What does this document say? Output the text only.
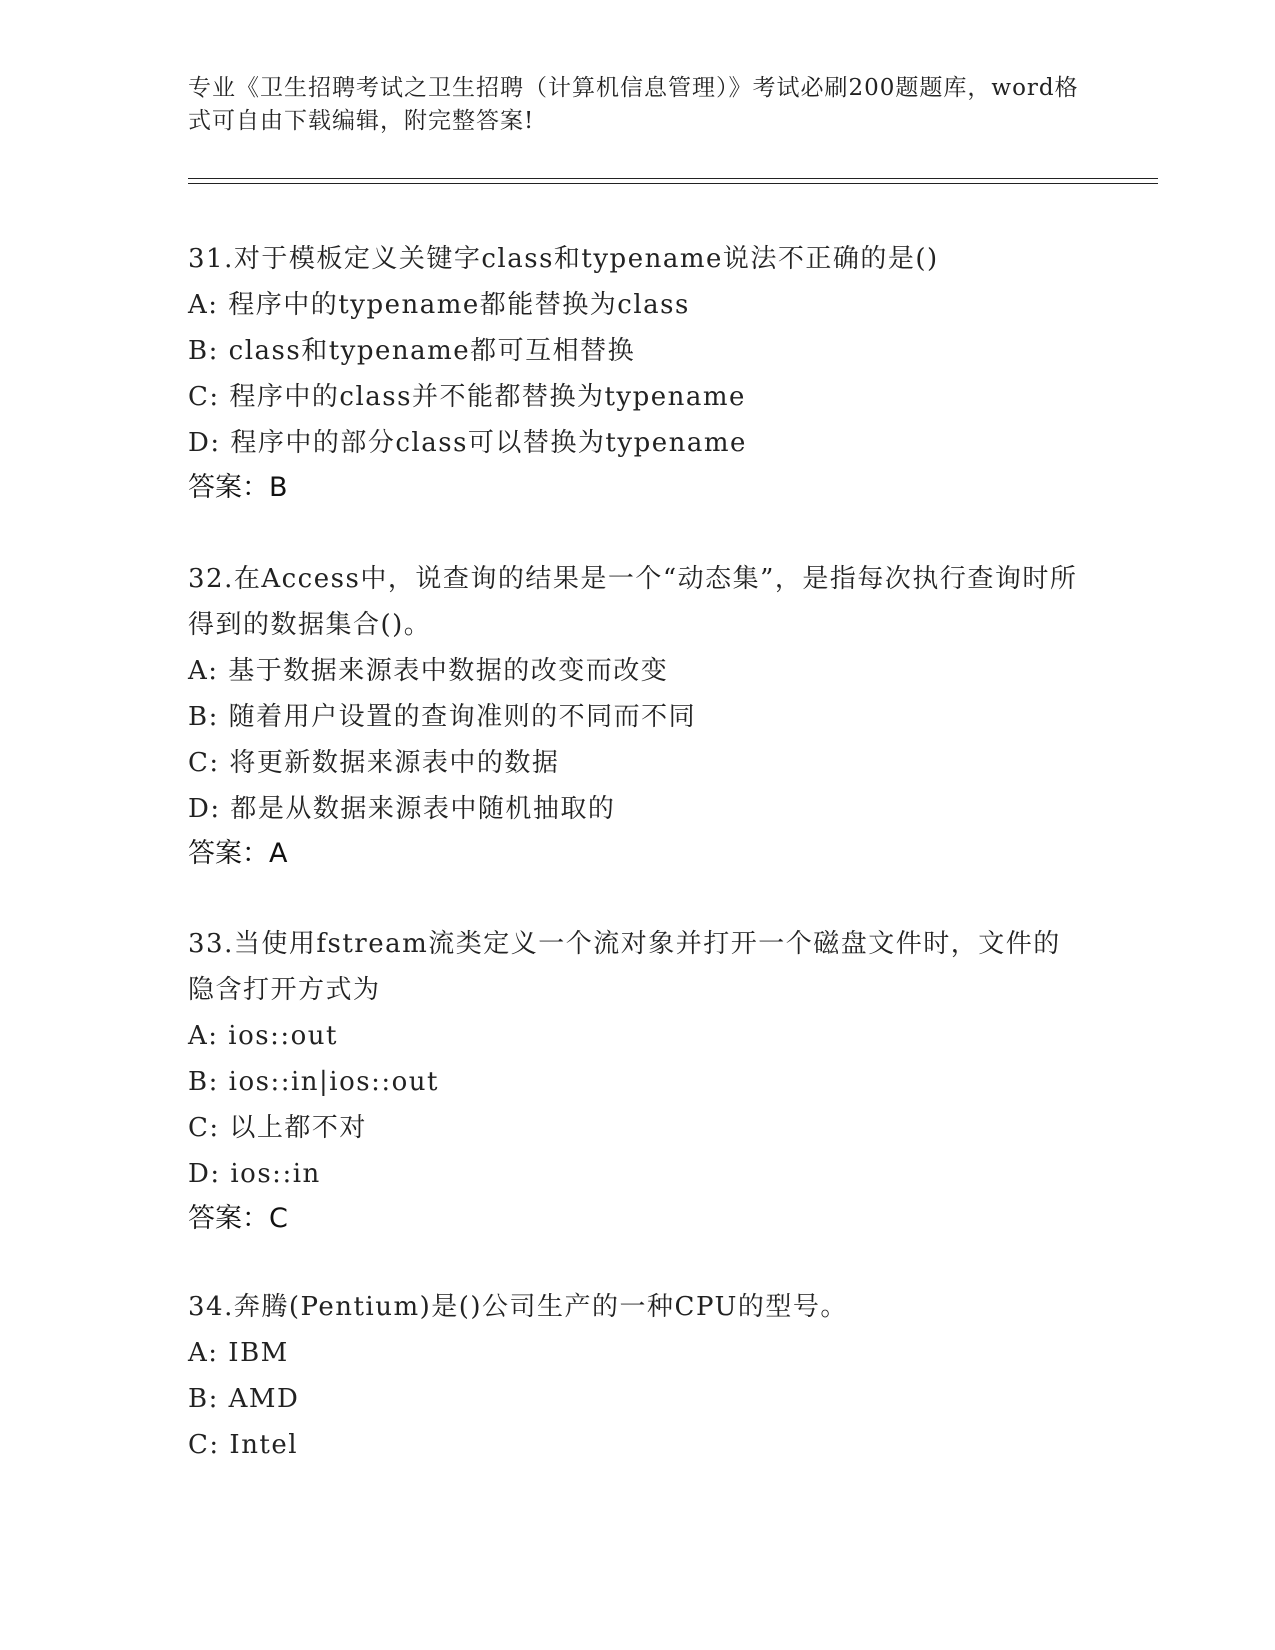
专业《卫生招聘考试之卫生招聘（计算机信息管理）》考试必刷200题题库，word格式可自由下载编辑，附完整答案!

31.对于模板定义关键字class和typename说法不正确的是()

A: 程序中的typename都能替换为class

B: class和typename都可互相替换

C: 程序中的class并不能都替换为typename

D: 程序中的部分class可以替换为typename

答案：B

32.在Access中，说查询的结果是一个“动态集”，是指每次执行查询时所得到的数据集合()。

A: 基于数据来源表中数据的改变而改变

B: 随着用户设置的查询准则的不同而不同

C: 将更新数据来源表中的数据

D: 都是从数据来源表中随机抽取的

答案：A

33.当使用fstream流类定义一个流对象并打开一个磁盘文件时，文件的隐含打开方式为

A: ios::out

B: ios::in|ios::out

C: 以上都不对

D: ios::in

答案：C

34.奔腾(Pentium)是()公司生产的一种CPU的型号。

A: IBM

B: AMD

C: Intel
